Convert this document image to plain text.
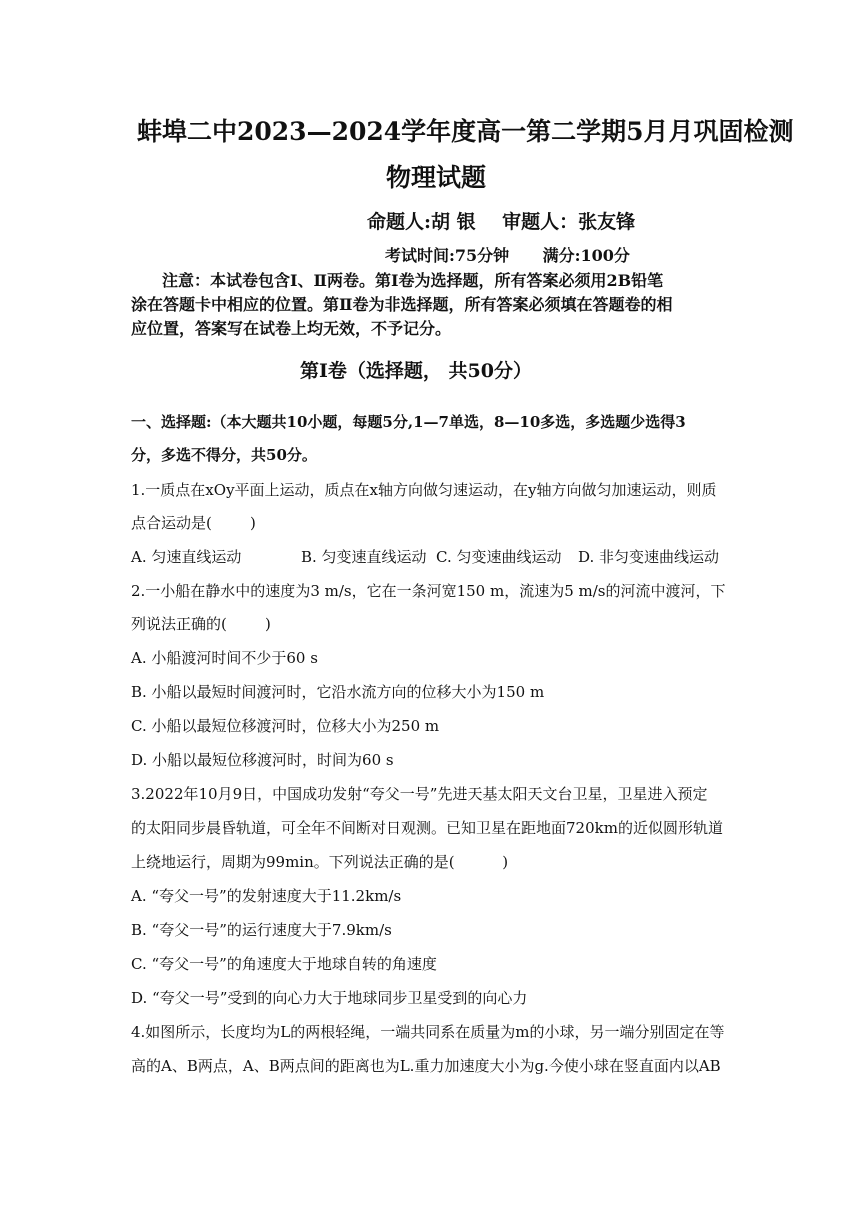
蚌埠二中2023—2024学年度高一第二学期5月月巩固检测
物理试题
命题人:胡 银    审题人：张友锋
考试时间:75分钟      满分:100分
注意：本试卷包含Ⅰ、Ⅱ两卷。第Ⅰ卷为选择题，所有答案必须用2B铅笔
涂在答题卡中相应的位置。第Ⅱ卷为非选择题，所有答案必须填在答题卷的相
应位置，答案写在试卷上均无效，不予记分。
第Ⅰ卷（选择题， 共50分）
一、选择题:（本大题共10小题，每题5分,1—7单选，8—10多选，多选题少选得3
分，多选不得分，共50分。
1.一质点在xOy平面上运动，质点在x轴方向做匀速运动，在y轴方向做匀加速运动，则质
点合运动是(        )
A. 匀速直线运动	B. 匀变速直线运动 C. 匀变速曲线运动 D. 非匀变速曲线运动
2.一小船在静水中的速度为3 m/s，它在一条河宽150 m，流速为5 m/s的河流中渡河，下
列说法正确的(        )
A. 小船渡河时间不少于60 s
B. 小船以最短时间渡河时，它沿水流方向的位移大小为150 m
C. 小船以最短位移渡河时，位移大小为250 m
D. 小船以最短位移渡河时，时间为60 s
3.2022年10月9日，中国成功发射“夸父一号”先进天基太阳天文台卫星，卫星进入预定
的太阳同步晨昏轨道，可全年不间断对日观测。已知卫星在距地面720km的近似圆形轨道
上绕地运行，周期为99min。下列说法正确的是(          )
A. “夸父一号”的发射速度大于11.2km/s
B. “夸父一号”的运行速度大于7.9km/s
C. “夸父一号”的角速度大于地球自转的角速度
D. “夸父一号”受到的向心力大于地球同步卫星受到的向心力
4.如图所示，长度均为L的两根轻绳，一端共同系在质量为m的小球，另一端分别固定在等
高的A、B两点，A、B两点间的距离也为L.重力加速度大小为g.今使小球在竖直面内以AB
